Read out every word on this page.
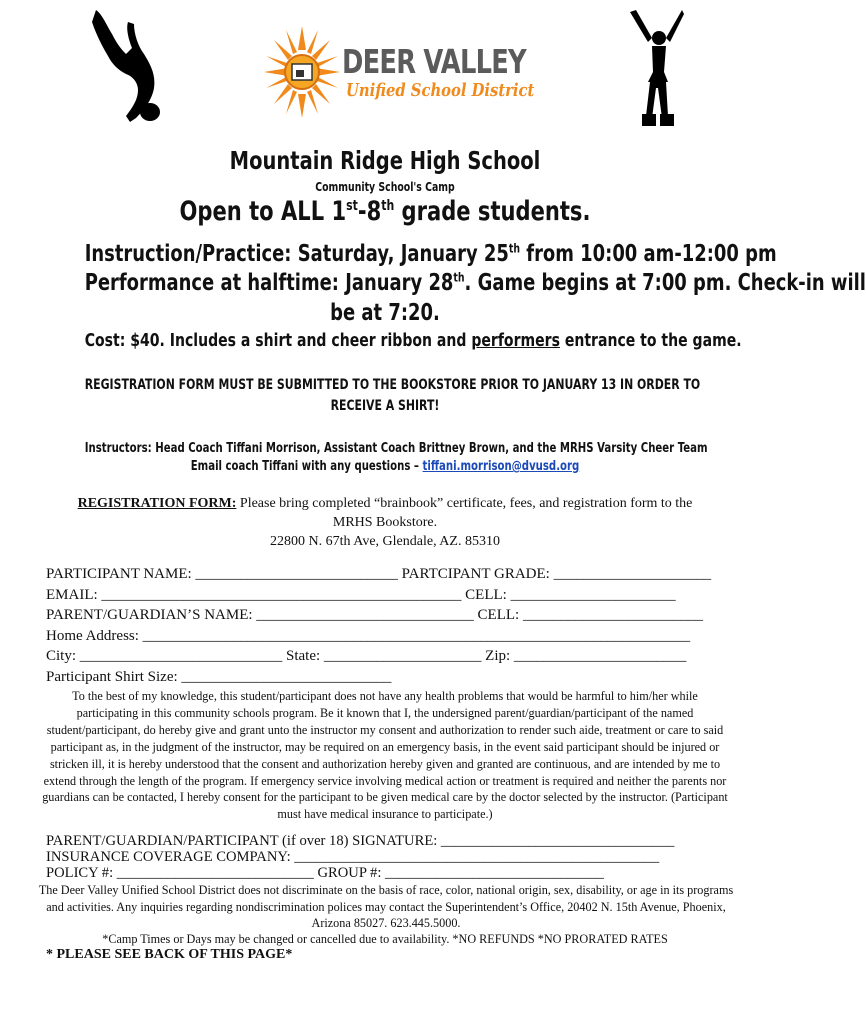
DEER VALLEY
Unified School District
Mountain Ridge High School
Community School's Camp
Open to ALL 1st-8th grade students.
Instruction/Practice: Saturday, January 25th from 10:00 am-12:00 pm
Performance at halftime: January 28th. Game begins at 7:00 pm. Check-in will
be at 7:20.
Cost: $40. Includes a shirt and cheer ribbon and performers entrance to the game.
REGISTRATION FORM MUST BE SUBMITTED TO THE BOOKSTORE PRIOR TO JANUARY 13 IN ORDER TO
RECEIVE A SHIRT!
Instructors: Head Coach Tiffani Morrison, Assistant Coach Brittney Brown, and the MRHS Varsity Cheer Team
Email coach Tiffani with any questions – tiffani.morrison@dvusd.org
REGISTRATION FORM: Please bring completed “brainbook” certificate, fees, and registration form to the
MRHS Bookstore.
22800 N. 67th Ave, Glendale, AZ. 85310
PARTICIPANT NAME: ___________________________ PARTCIPANT GRADE: _____________________
EMAIL: ________________________________________________ CELL: ______________________
PARENT/GUARDIAN’S NAME: _____________________________ CELL: ________________________
Home Address: _________________________________________________________________________
City: ___________________________ State: _____________________ Zip: _______________________
Participant Shirt Size: ____________________________
To the best of my knowledge, this student/participant does not have any health problems that would be harmful to him/her while participating in this community schools program. Be it known that I, the undersigned parent/guardian/participant of the named student/participant, do hereby give and grant unto the instructor my consent and authorization to render such aide, treatment or care to said participant as, in the judgment of the instructor, may be required on an emergency basis, in the event said participant should be injured or stricken ill, it is hereby understood that the consent and authorization hereby given and granted are continuous, and are intended by me to extend through the length of the program. If emergency service involving medical action or treatment is required and neither the parents nor guardians can be contacted, I hereby consent for the participant to be given medical care by the doctor selected by the instructor. (Participant must have medical insurance to participate.)
PARENT/GUARDIAN/PARTICIPANT (if over 18) SIGNATURE: ________________________________
INSURANCE COVERAGE COMPANY: __________________________________________________
POLICY #: ___________________________ GROUP #: ______________________________
The Deer Valley Unified School District does not discriminate on the basis of race, color, national origin, sex, disability, or age in its programs and activities. Any inquiries regarding nondiscrimination polices may contact the Superintendent’s Office, 20402 N. 15th Avenue, Phoenix, Arizona 85027. 623.445.5000.
*Camp Times or Days may be changed or cancelled due to availability. *NO REFUNDS *NO PRORATED RATES
* PLEASE SEE BACK OF THIS PAGE*
